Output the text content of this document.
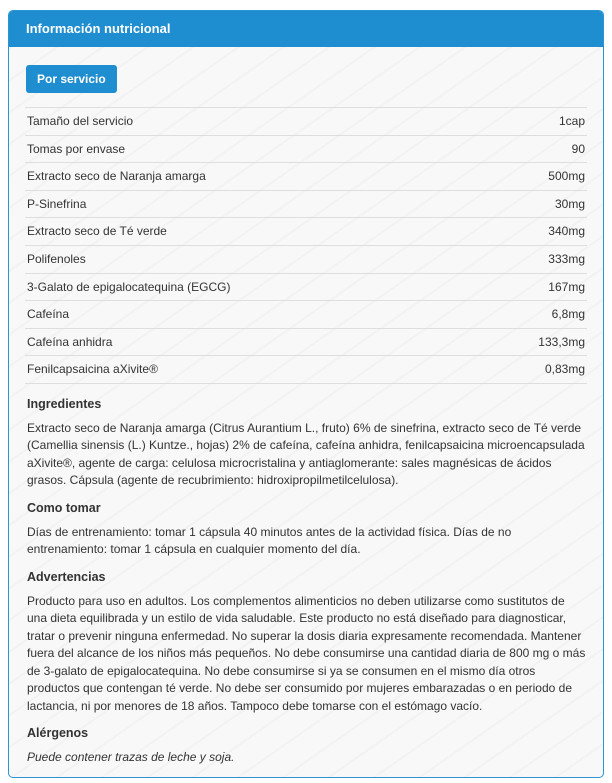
Información nutricional
Por servicio
Tamaño del servicio	1cap
Tomas por envase	90
Extracto seco de Naranja amarga	500mg
P-Sinefrina	30mg
Extracto seco de Té verde	340mg
Polifenoles	333mg
3-Galato de epigalocatequina (EGCG)	167mg
Cafeína	6,8mg
Cafeína anhidra	133,3mg
Fenilcapsaicina aXivite®	0,83mg
Ingredientes

Extracto seco de Naranja amarga (Citrus Aurantium L., fruto) 6% de sinefrina, extracto seco de Té verde (Camellia sinensis (L.) Kuntze., hojas) 2% de cafeína, cafeína anhidra, fenilcapsaicina microencapsulada aXivite®, agente de carga: celulosa microcristalina y antiaglomerante: sales magnésicas de ácidos grasos. Cápsula (agente de recubrimiento: hidroxipropilmetilcelulosa).

Como tomar

Días de entrenamiento: tomar 1 cápsula 40 minutos antes de la actividad física. Días de no entrenamiento: tomar 1 cápsula en cualquier momento del día.

Advertencias

Producto para uso en adultos. Los complementos alimenticios no deben utilizarse como sustitutos de una dieta equilibrada y un estilo de vida saludable. Este producto no está diseñado para diagnosticar, tratar o prevenir ninguna enfermedad. No superar la dosis diaria expresamente recomendada. Mantener fuera del alcance de los niños más pequeños. No debe consumirse una cantidad diaria de 800 mg o más de 3-galato de epigalocatequina. No debe consumirse si ya se consumen en el mismo día otros productos que contengan té verde. No debe ser consumido por mujeres embarazadas o en periodo de lactancia, ni por menores de 18 años. Tampoco debe tomarse con el estómago vacío.

Alérgenos

Puede contener trazas de leche y soja.
